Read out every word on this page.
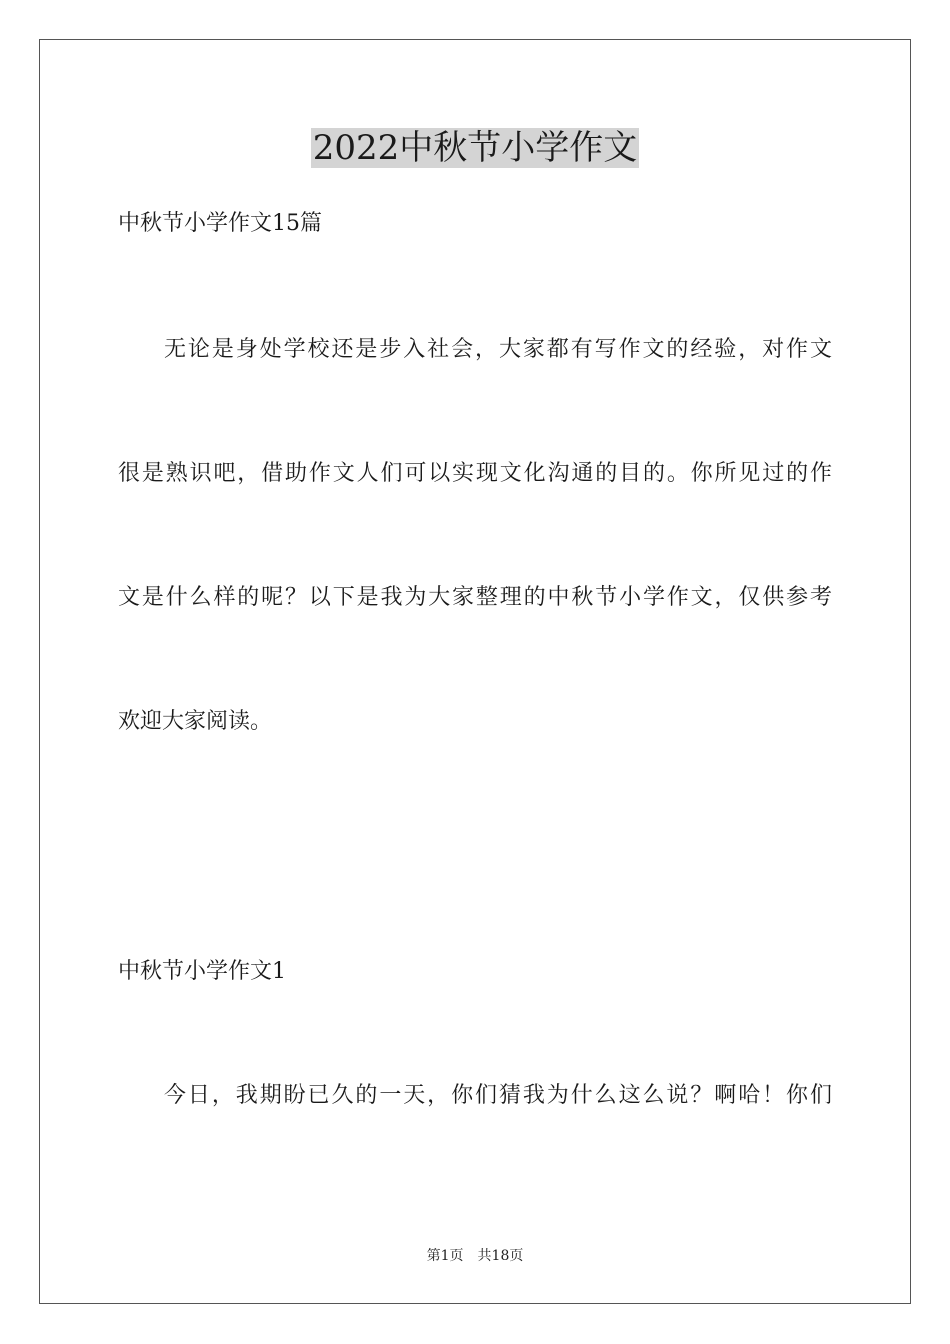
2022中秋节小学作文

中秋节小学作文15篇

无论是身处学校还是步入社会，大家都有写作文的经验，对作文

很是熟识吧，借助作文人们可以实现文化沟通的目的。你所见过的作

文是什么样的呢？以下是我为大家整理的中秋节小学作文，仅供参考

欢迎大家阅读。

中秋节小学作文1

今日，我期盼已久的一天，你们猜我为什么这么说？啊哈！你们

第1页 共18页
